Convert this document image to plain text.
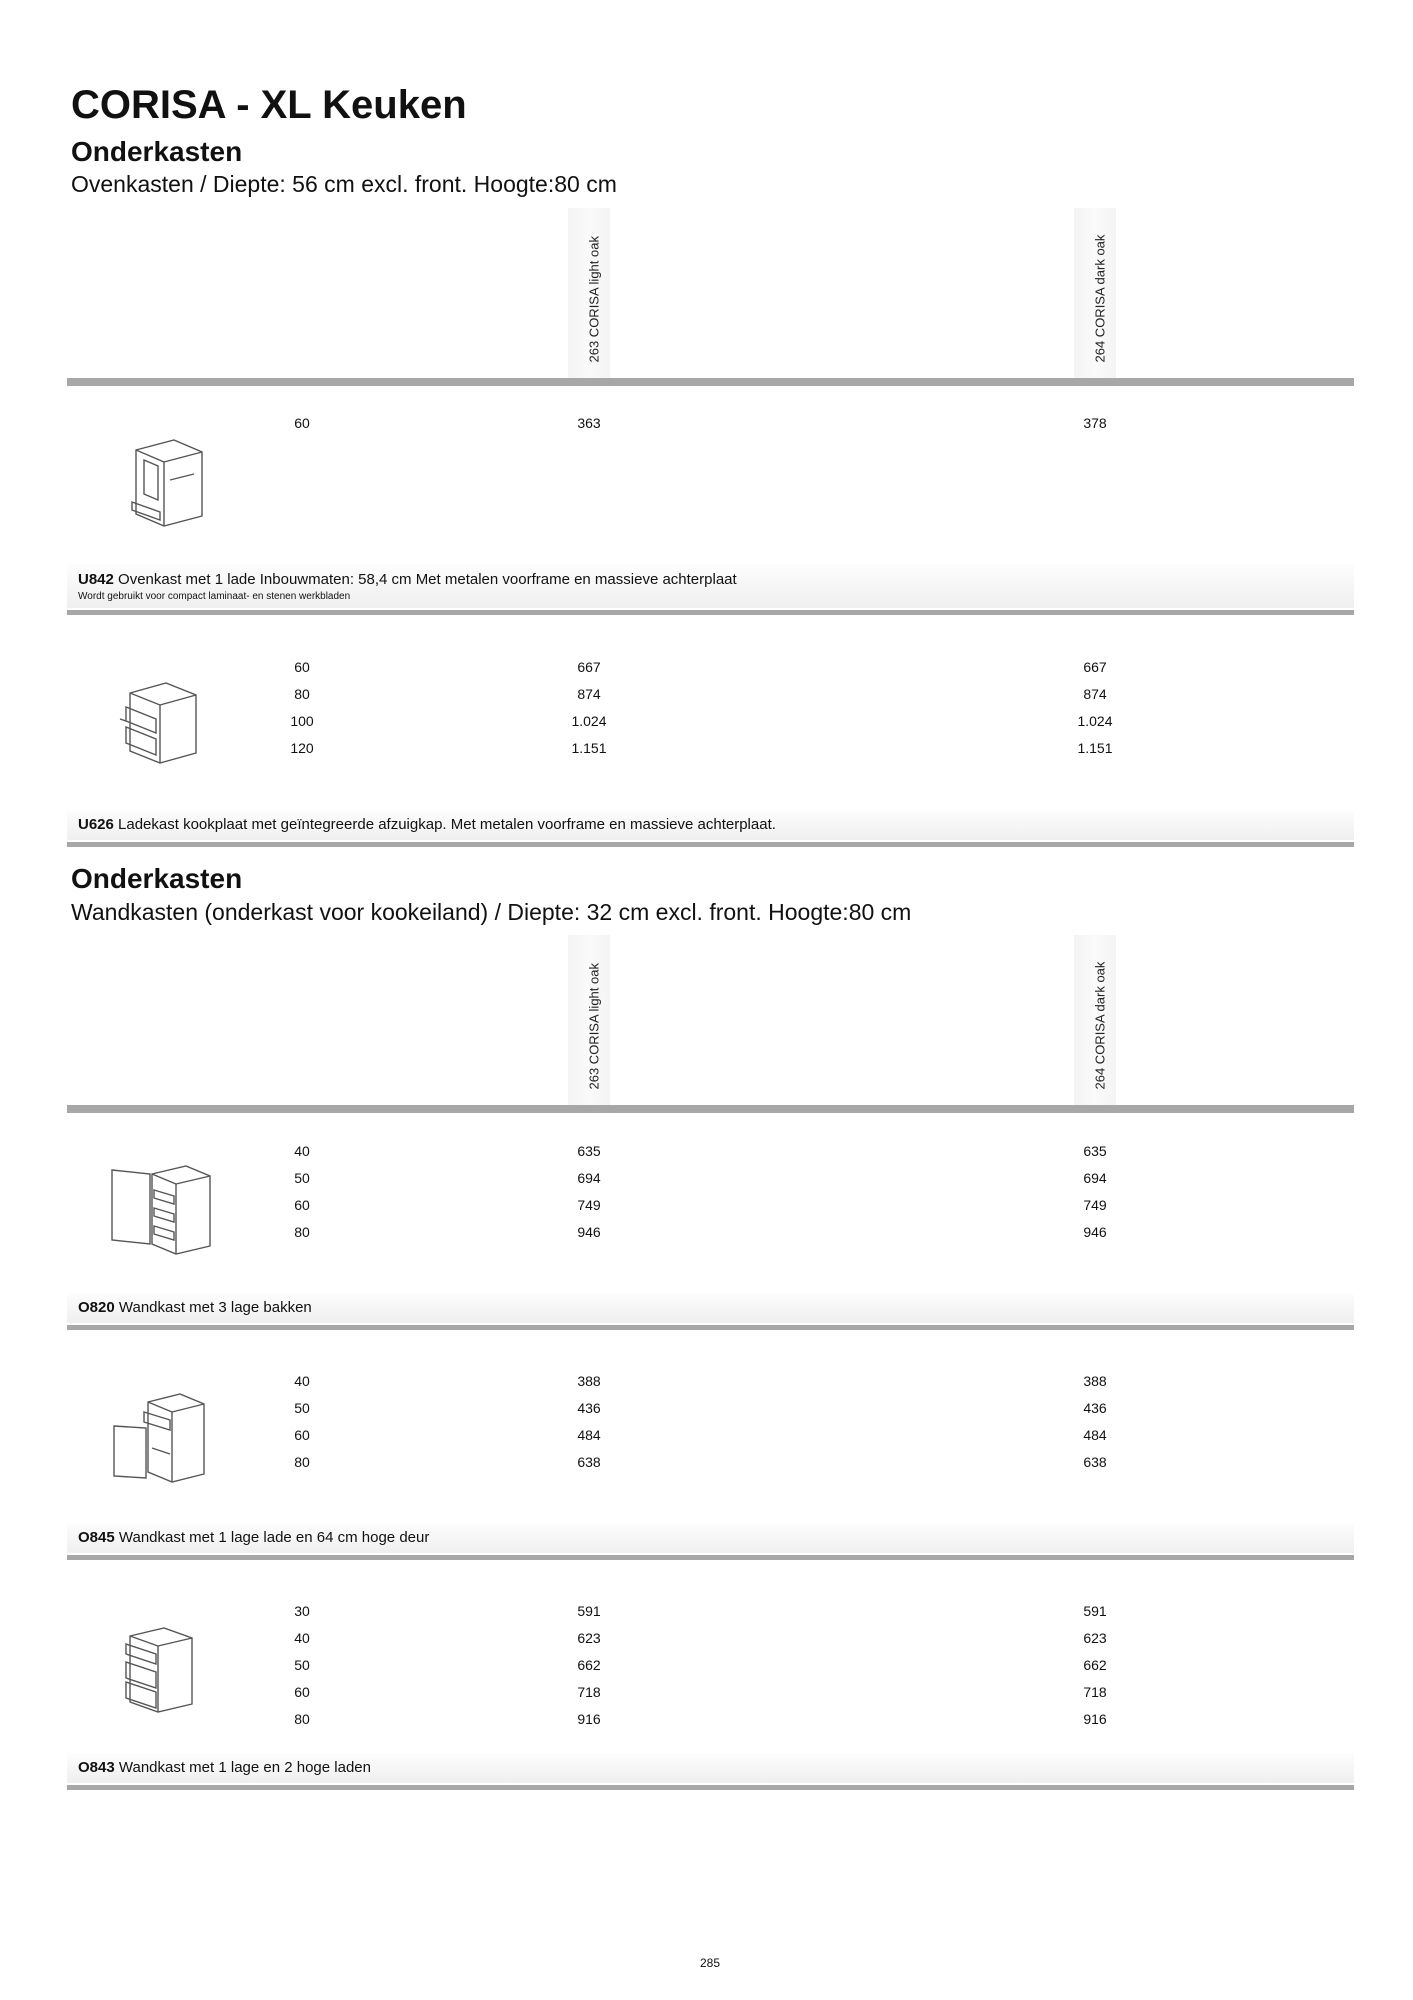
CORISA - XL Keuken
Onderkasten
Ovenkasten / Diepte: 56 cm excl. front. Hoogte:80 cm
263 CORISA light oak	264 CORISA dark oak
60	363	378
U842 Ovenkast met 1 lade Inbouwmaten: 58,4 cm Met metalen voorframe en massieve achterplaat
Wordt gebruikt voor compact laminaat- en stenen werkbladen
60	667	667
80	874	874
100	1.024	1.024
120	1.151	1.151
U626 Ladekast kookplaat met geïntegreerde afzuigkap. Met metalen voorframe en massieve achterplaat.
Onderkasten
Wandkasten (onderkast voor kookeiland) / Diepte: 32 cm excl. front. Hoogte:80 cm
263 CORISA light oak	264 CORISA dark oak
40	635	635
50	694	694
60	749	749
80	946	946
O820 Wandkast met 3 lage bakken
40	388	388
50	436	436
60	484	484
80	638	638
O845 Wandkast met 1 lage lade en 64 cm hoge deur
30	591	591
40	623	623
50	662	662
60	718	718
80	916	916
O843 Wandkast met 1 lage en 2 hoge laden
285
